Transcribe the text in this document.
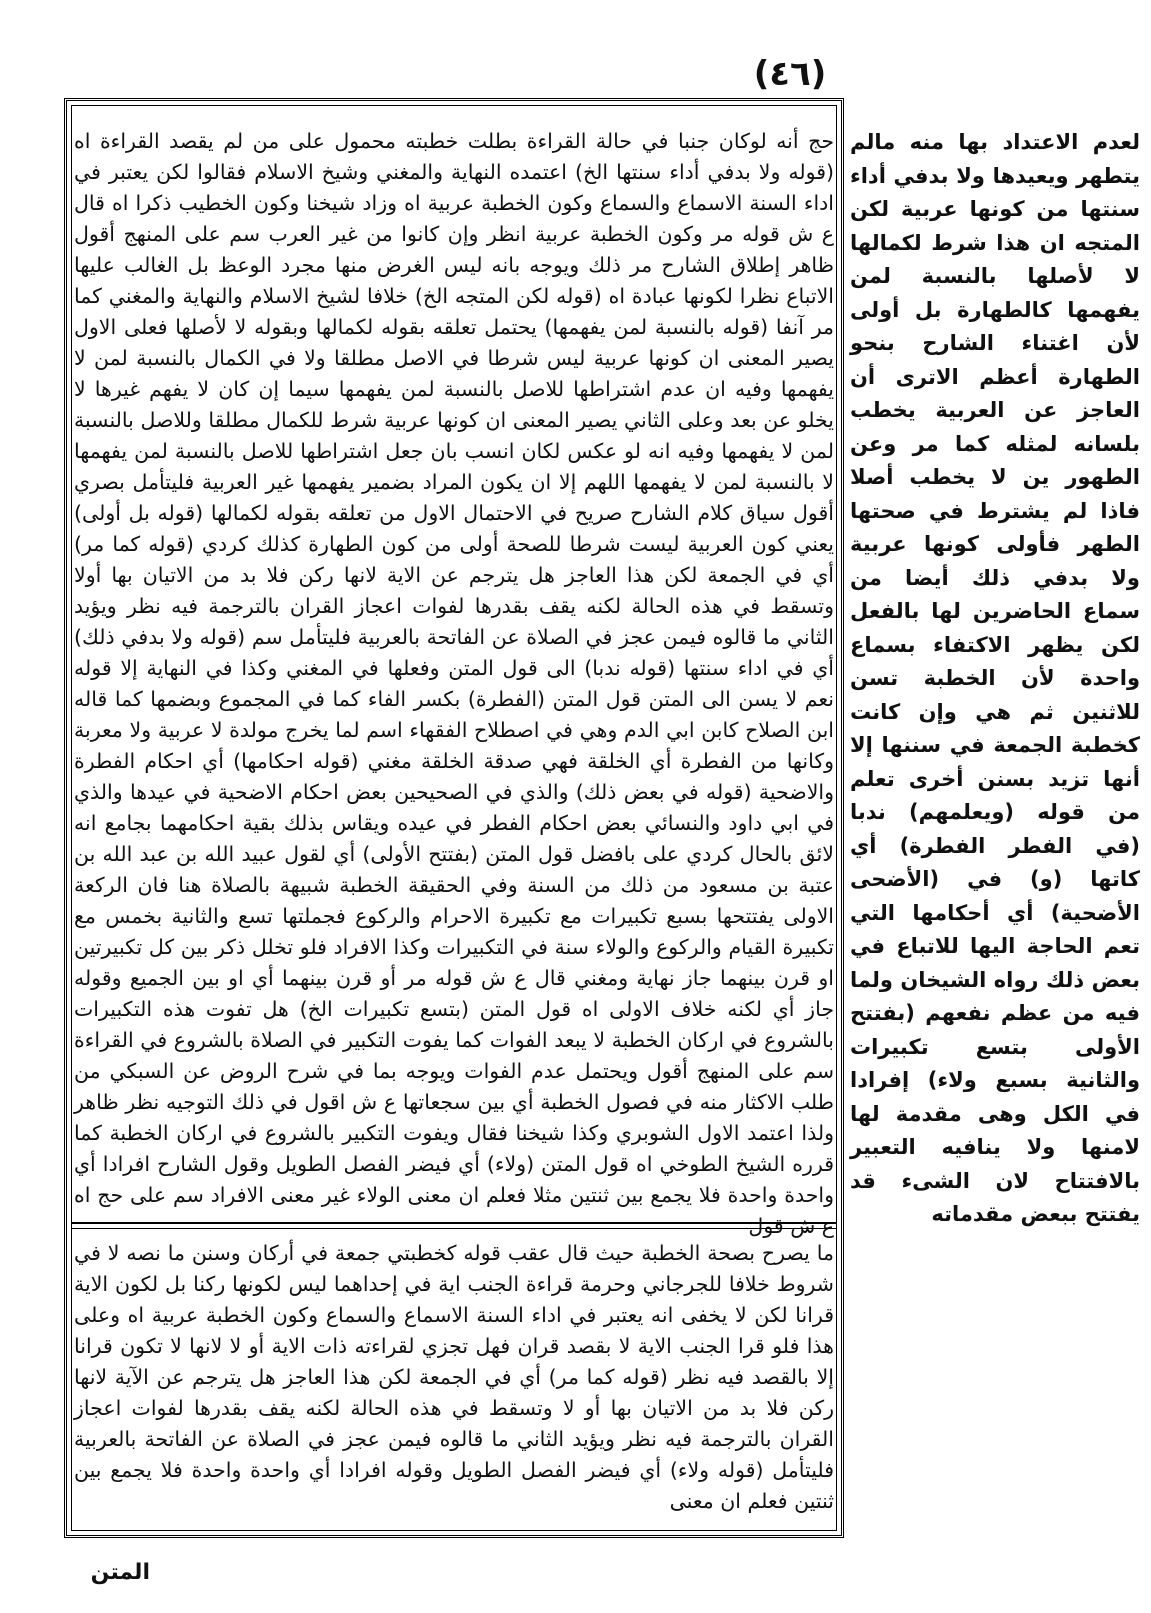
(٤٦)
حج أنه لوكان جنبا في حالة القراءة بطلت خطبته محمول على من لم يقصد القراءة اه (قوله ولا بدفي أداء سنتها الخ) اعتمده النهاية والمغني وشيخ الاسلام فقالوا لكن يعتبر في اداء السنة الاسماع والسماع وكون الخطبة عربية اه وزاد شيخنا وكون الخطيب ذكرا اه قال ع ش قوله مر وكون الخطبة عربية انظر وإن كانوا من غير العرب سم على المنهج أقول ظاهر إطلاق الشارح مر ذلك ويوجه بانه ليس الغرض منها مجرد الوعظ بل الغالب عليها الاتباع نظرا لكونها عبادة اه (قوله لكن المتجه الخ) خلافا لشيخ الاسلام والنهاية والمغني كما مر آنفا (قوله بالنسبة لمن يفهمها) يحتمل تعلقه بقوله لكمالها وبقوله لا لأصلها فعلى الاول يصير المعنى ان كونها عربية ليس شرطا في الاصل مطلقا ولا في الكمال بالنسبة لمن لا يفهمها وفيه ان عدم اشتراطها للاصل بالنسبة لمن يفهمها سيما إن كان لا يفهم غيرها لا يخلو عن بعد وعلى الثاني يصير المعنى ان كونها عربية شرط للكمال مطلقا وللاصل بالنسبة لمن لا يفهمها وفيه انه لو عكس لكان انسب بان جعل اشتراطها للاصل بالنسبة لمن يفهمها لا بالنسبة لمن لا يفهمها اللهم إلا ان يكون المراد بضمير يفهمها غير العربية فليتأمل بصري أقول سياق كلام الشارح صريح في الاحتمال الاول من تعلقه بقوله لكمالها (قوله بل أولى) يعني كون العربية ليست شرطا للصحة أولى من كون الطهارة كذلك كردي (قوله كما مر) أي في الجمعة لكن هذا العاجز هل يترجم عن الاية لانها ركن فلا بد من الاتيان بها أولا وتسقط في هذه الحالة لكنه يقف بقدرها لفوات اعجاز القران بالترجمة فيه نظر ويؤيد الثاني ما قالوه فيمن عجز في الصلاة عن الفاتحة بالعربية فليتأمل سم (قوله ولا بدفي ذلك) أي في اداء سنتها (قوله ندبا) الى قول المتن وفعلها في المغني وكذا في النهاية إلا قوله نعم لا يسن الى المتن قول المتن (الفطرة) بكسر الفاء كما في المجموع وبضمها كما قاله ابن الصلاح كابن ابي الدم وهي في اصطلاح الفقهاء اسم لما يخرج مولدة لا عربية ولا معربة وكانها من الفطرة أي الخلقة فهي صدقة الخلقة مغني (قوله احكامها) أي احكام الفطرة والاضحية (قوله في بعض ذلك) والذي في الصحيحين بعض احكام الاضحية في عيدها والذي في ابي داود والنسائي بعض احكام الفطر في عيده ويقاس بذلك بقية احكامهما بجامع انه لائق بالحال كردي على بافضل قول المتن (بفتتح الأولى) أي لقول عبيد الله بن عبد الله بن عتبة بن مسعود من ذلك من السنة وفي الحقيقة الخطبة شبيهة بالصلاة هنا فان الركعة الاولى يفتتحها بسبع تكبيرات مع تكبيرة الاحرام والركوع فجملتها تسع والثانية بخمس مع تكبيرة القيام والركوع والولاء سنة في التكبيرات وكذا الافراد فلو تخلل ذكر بين كل تكبيرتين او قرن بينهما جاز نهاية ومغني قال ع ش قوله مر أو قرن بينهما أي او بين الجميع وقوله جاز أي لكنه خلاف الاولى اه قول المتن (بتسع تكبيرات الخ) هل تفوت هذه التكبيرات بالشروع في اركان الخطبة لا يبعد الفوات كما يفوت التكبير في الصلاة بالشروع في القراءة سم على المنهج أقول ويحتمل عدم الفوات ويوجه بما في شرح الروض عن السبكي من طلب الاكثار منه في فصول الخطبة أي بين سجعاتها ع ش اقول في ذلك التوجيه نظر ظاهر ولذا اعتمد الاول الشوبري وكذا شيخنا فقال ويفوت التكبير بالشروع في اركان الخطبة كما قرره الشيخ الطوخي اه قول المتن (ولاء) أي فيضر الفصل الطويل وقول الشارح افرادا أي واحدة واحدة فلا يجمع بين ثنتين مثلا فعلم ان معنى الولاء غير معنى الافراد سم على حج اه ع ش قول
ما يصرح بصحة الخطبة حيث قال عقب قوله كخطبتي جمعة في أركان وسنن ما نصه لا في شروط خلافا للجرجاني وحرمة قراءة الجنب اية في إحداهما ليس لكونها ركنا بل لكون الاية قرانا لكن لا يخفى انه يعتبر في اداء السنة الاسماع والسماع وكون الخطبة عربية اه وعلى هذا فلو قرا الجنب الاية لا بقصد قران فهل تجزي لقراءته ذات الاية أو لا لانها لا تكون قرانا إلا بالقصد فيه نظر (قوله كما مر) أي في الجمعة لكن هذا العاجز هل يترجم عن الآية لانها ركن فلا بد من الاتيان بها أو لا وتسقط في هذه الحالة لكنه يقف بقدرها لفوات اعجاز القران بالترجمة فيه نظر ويؤيد الثاني ما قالوه فيمن عجز في الصلاة عن الفاتحة بالعربية فليتأمل (قوله ولاء) أي فيضر الفصل الطويل وقوله افرادا أي واحدة واحدة فلا يجمع بين ثنتين فعلم ان معنى
لعدم الاعتداد بها منه مالم يتطهر ويعيدها ولا بدفي أداء سنتها من كونها عربية لكن المتجه ان هذا شرط لكمالها لا لأصلها بالنسبة لمن يفهمها كالطهارة بل أولى لأن اغتناء الشارح بنحو الطهارة أعظم الاترى أن العاجز عن العربية يخطب بلسانه لمثله كما مر وعن الطهور ين لا يخطب أصلا فاذا لم يشترط في صحتها الطهر فأولى كونها عربية ولا بدفي ذلك أيضا من سماع الحاضرين لها بالفعل لكن يظهر الاكتفاء بسماع واحدة لأن الخطبة تسن للاثنين ثم هي وإن كانت كخطبة الجمعة في سننها إلا أنها تزيد بسنن أخرى تعلم من قوله (ويعلمهم) ندبا (في الفطر الفطرة) أي كاتها (و) في (الأضحى الأضحية) أي أحكامها التي تعم الحاجة اليها للاتباع في بعض ذلك رواه الشيخان ولما فيه من عظم نفعهم (بفتتح الأولى بتسع تكبيرات والثانية بسبع ولاء) إفرادا في الكل وهى مقدمة لها لامنها ولا ينافيه التعبير بالافتتاح لان الشىء قد يفتتح ببعض مقدماته
المتن
